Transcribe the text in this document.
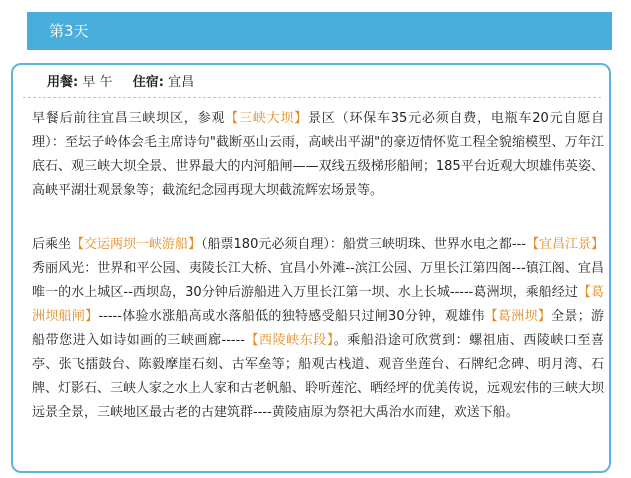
第3天
用餐: 早 午 住宿: 宜昌

早餐后前往宜昌三峡坝区，参观【三峡大坝】景区（环保车35元必须自费，电瓶车20元自愿自理）：至坛子岭体会毛主席诗句"截断巫山云雨，高峡出平湖"的豪迈情怀览工程全貌缩模型、万年江底石、观三峡大坝全景、世界最大的内河船闸——双线五级梯形船闸；185平台近观大坝雄伟英姿、高峡平湖壮观景象等；截流纪念园再现大坝截流辉宏场景等。

后乘坐【交运两坝一峡游船】（船票180元必须自理）：船赏三峡明珠、世界水电之都---【宜昌江景】秀丽风光：世界和平公园、夷陵长江大桥、宜昌小外滩--滨江公园、万里长江第四阁---镇江阁、宜昌唯一的水上城区--西坝岛，30分钟后游船进入万里长江第一坝、水上长城-----葛洲坝，乘船经过【葛洲坝船闸】-----体验水涨船高或水落船低的独特感受船只过闸30分钟，观雄伟【葛洲坝】全景；游船带您进入如诗如画的三峡画廊-----【西陵峡东段】。乘船沿途可欣赏到：螺祖庙、西陵峡口至喜亭、张飞擂鼓台、陈毅摩崖石刻、古军垒等；船观古栈道、观音坐莲台、石牌纪念碑、明月湾、石牌、灯影石、三峡人家之水上人家和古老帆船、聆听莲沱、晒经坪的优美传说，远观宏伟的三峡大坝远景全景，三峡地区最古老的古建筑群----黄陵庙原为祭祀大禹治水而建，欢送下船。
